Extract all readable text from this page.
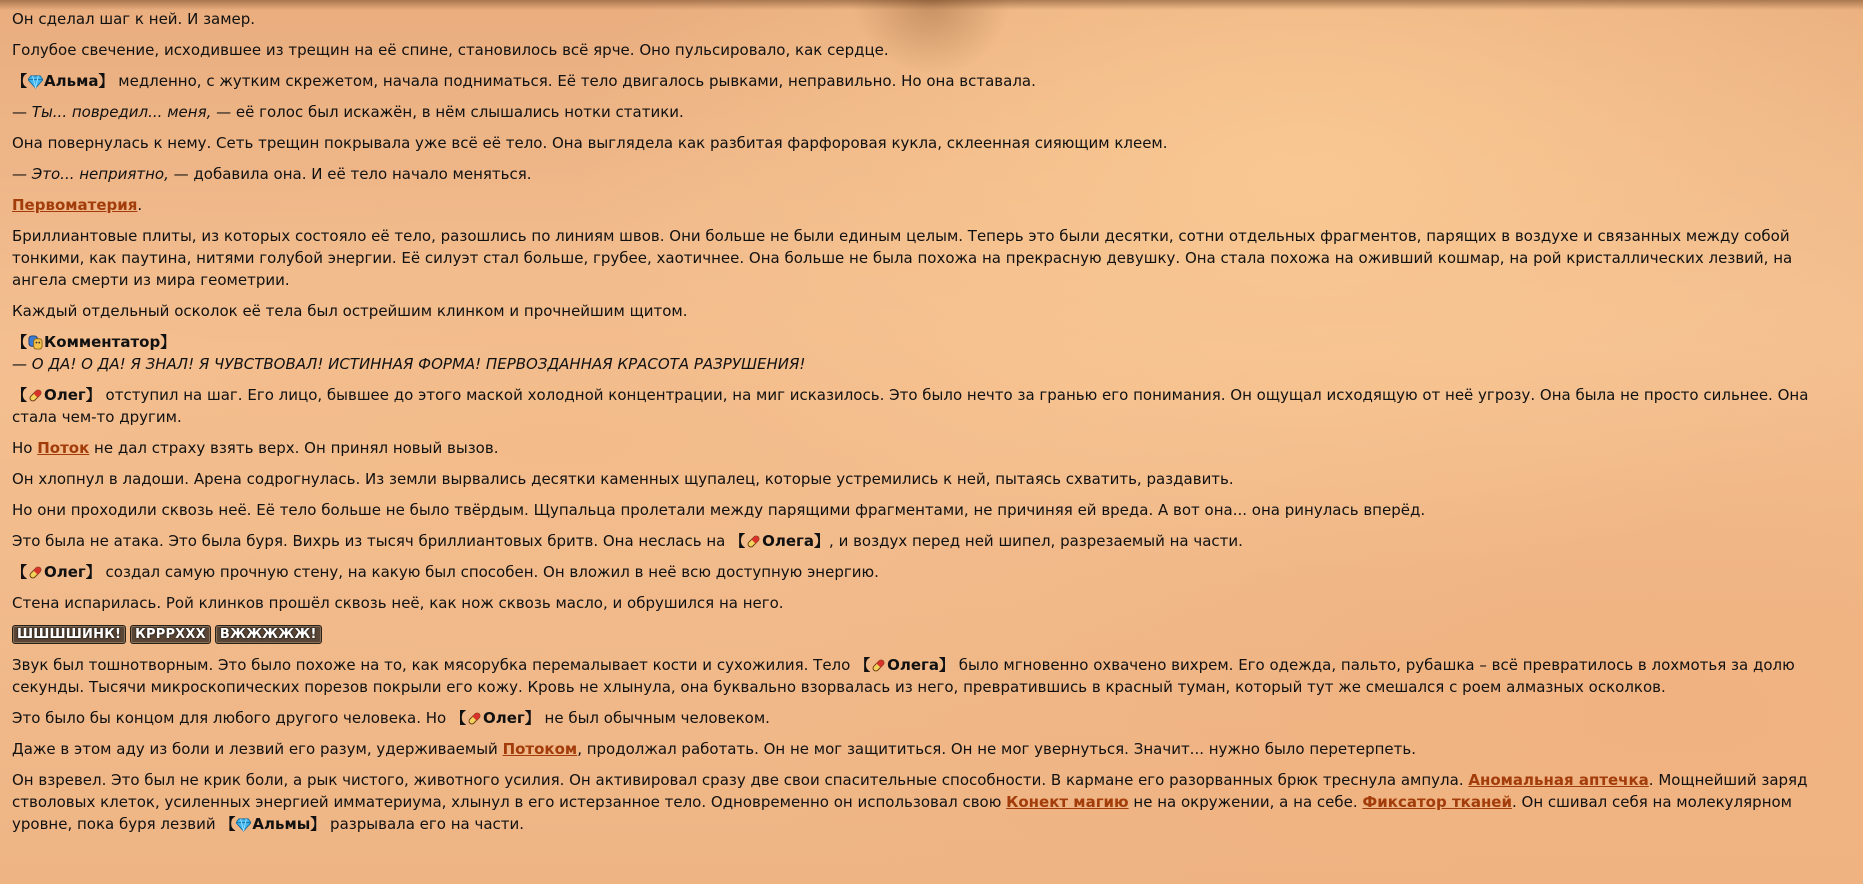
Он сделал шаг к ней. И замер.

Голубое свечение, исходившее из трещин на её спине, становилось всё ярче. Оно пульсировало, как сердце.

【 Альма】 медленно, с жутким скрежетом, начала подниматься. Её тело двигалось рывками, неправильно. Но она вставала.

— Ты... повредил... меня, — её голос был искажён, в нём слышались нотки статики.

Она повернулась к нему. Сеть трещин покрывала уже всё её тело. Она выглядела как разбитая фарфоровая кукла, склеенная сияющим клеем.

— Это... неприятно, — добавила она. И её тело начало меняться.

Первоматерия.

Бриллиантовые плиты, из которых состояло её тело, разошлись по линиям швов. Они больше не были единым целым. Теперь это были десятки, сотни отдельных фрагментов, парящих в воздухе и связанных между собой тонкими, как паутина, нитями голубой энергии. Её силуэт стал больше, грубее, хаотичнее. Она больше не была похожа на прекрасную девушку. Она стала похожа на оживший кошмар, на рой кристаллических лезвий, на ангела смерти из мира геометрии.

Каждый отдельный осколок её тела был острейшим клинком и прочнейшим щитом.

【 Комментатор】

— О ДА! О ДА! Я ЗНАЛ! Я ЧУВСТВОВАЛ! ИСТИННАЯ ФОРМА! ПЕРВОЗДАННАЯ КРАСОТА РАЗРУШЕНИЯ!

【 Олег】 отступил на шаг. Его лицо, бывшее до этого маской холодной концентрации, на миг исказилось. Это было нечто за гранью его понимания. Он ощущал исходящую от неё угрозу. Она была не просто сильнее. Она стала чем-то другим.

Но Поток не дал страху взять верх. Он принял новый вызов.

Он хлопнул в ладоши. Арена содрогнулась. Из земли вырвались десятки каменных щупалец, которые устремились к ней, пытаясь схватить, раздавить.

Но они проходили сквозь неё. Её тело больше не было твёрдым. Щупальца пролетали между парящими фрагментами, не причиняя ей вреда. А вот она... она ринулась вперёд.

Это была не атака. Это была буря. Вихрь из тысяч бриллиантовых бритв. Она неслась на 【 Олега】, и воздух перед ней шипел, разрезаемый на части.

【 Олег】 создал самую прочную стену, на какую был способен. Он вложил в неё всю доступную энергию.

Стена испарилась. Рой клинков прошёл сквозь неё, как нож сквозь масло, и обрушился на него.

ШШШШИНК!	КРРРХХХ	ВЖЖЖЖЖ!

Звук был тошнотворным. Это было похоже на то, как мясорубка перемалывает кости и сухожилия. Тело 【 Олега】 было мгновенно охвачено вихрем. Его одежда, пальто, рубашка – всё превратилось в лохмотья за долю секунды. Тысячи микроскопических порезов покрыли его кожу. Кровь не хлынула, она буквально взорвалась из него, превратившись в красный туман, который тут же смешался с роем алмазных осколков.

Это было бы концом для любого другого человека. Но 【 Олег】 не был обычным человеком.

Даже в этом аду из боли и лезвий его разум, удерживаемый Потоком, продолжал работать. Он не мог защититься. Он не мог увернуться. Значит... нужно было перетерпеть.

Он взревел. Это был не крик боли, а рык чистого, животного усилия. Он активировал сразу две свои спасительные способности. В кармане его разорванных брюк треснула ампула. Аномальная аптечка. Мощнейший заряд стволовых клеток, усиленных энергией имматериума, хлынул в его истерзанное тело. Одновременно он использовал свою Конект магию не на окружении, а на себе. Фиксатор тканей. Он сшивал себя на молекулярном уровне, пока буря лезвий 【 Альмы】 разрывала его на части.
